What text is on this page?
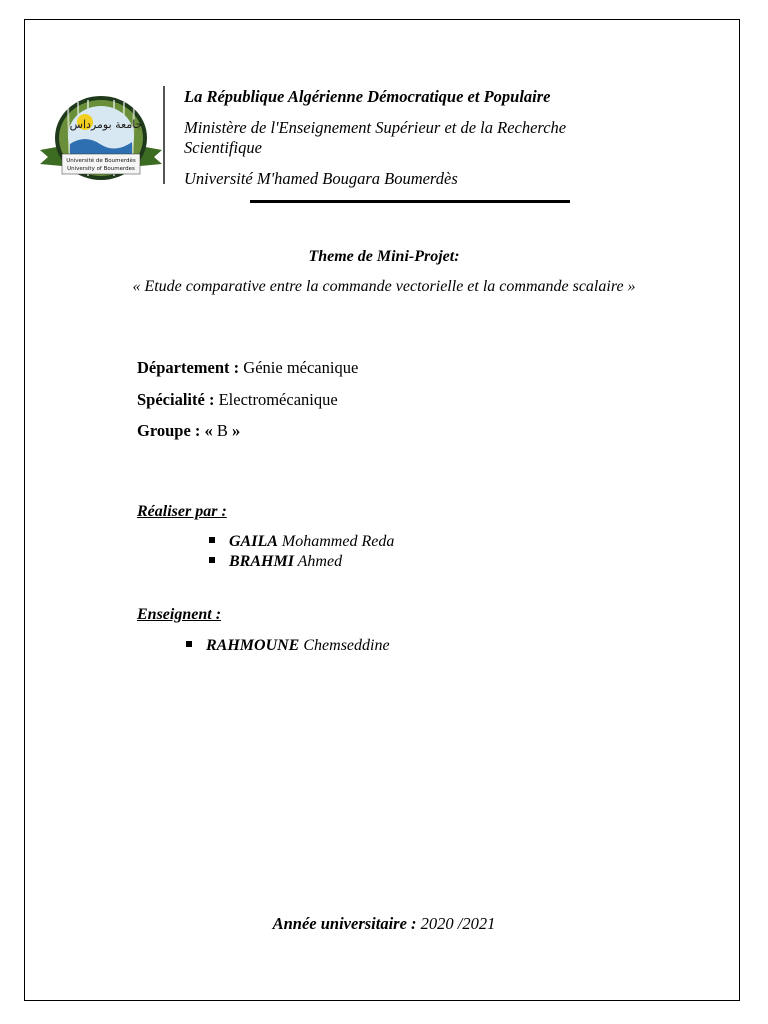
جامعة بومرداس
Université de Boumerdès
University of Boumerdes
La République Algérienne Démocratique et Populaire
Ministère de l'Enseignement Supérieur et de la Recherche Scientifique
Université M'hamed Bougara Boumerdès
Theme de Mini-Projet:
« Etude comparative entre la commande vectorielle et la commande scalaire »
Département : Génie mécanique
Spécialité : Electromécanique
Groupe : « B »
Réaliser par :
GAILA Mohammed Reda
BRAHMI Ahmed
Enseignent :
RAHMOUNE Chemseddine
Année universitaire : 2020 /2021
